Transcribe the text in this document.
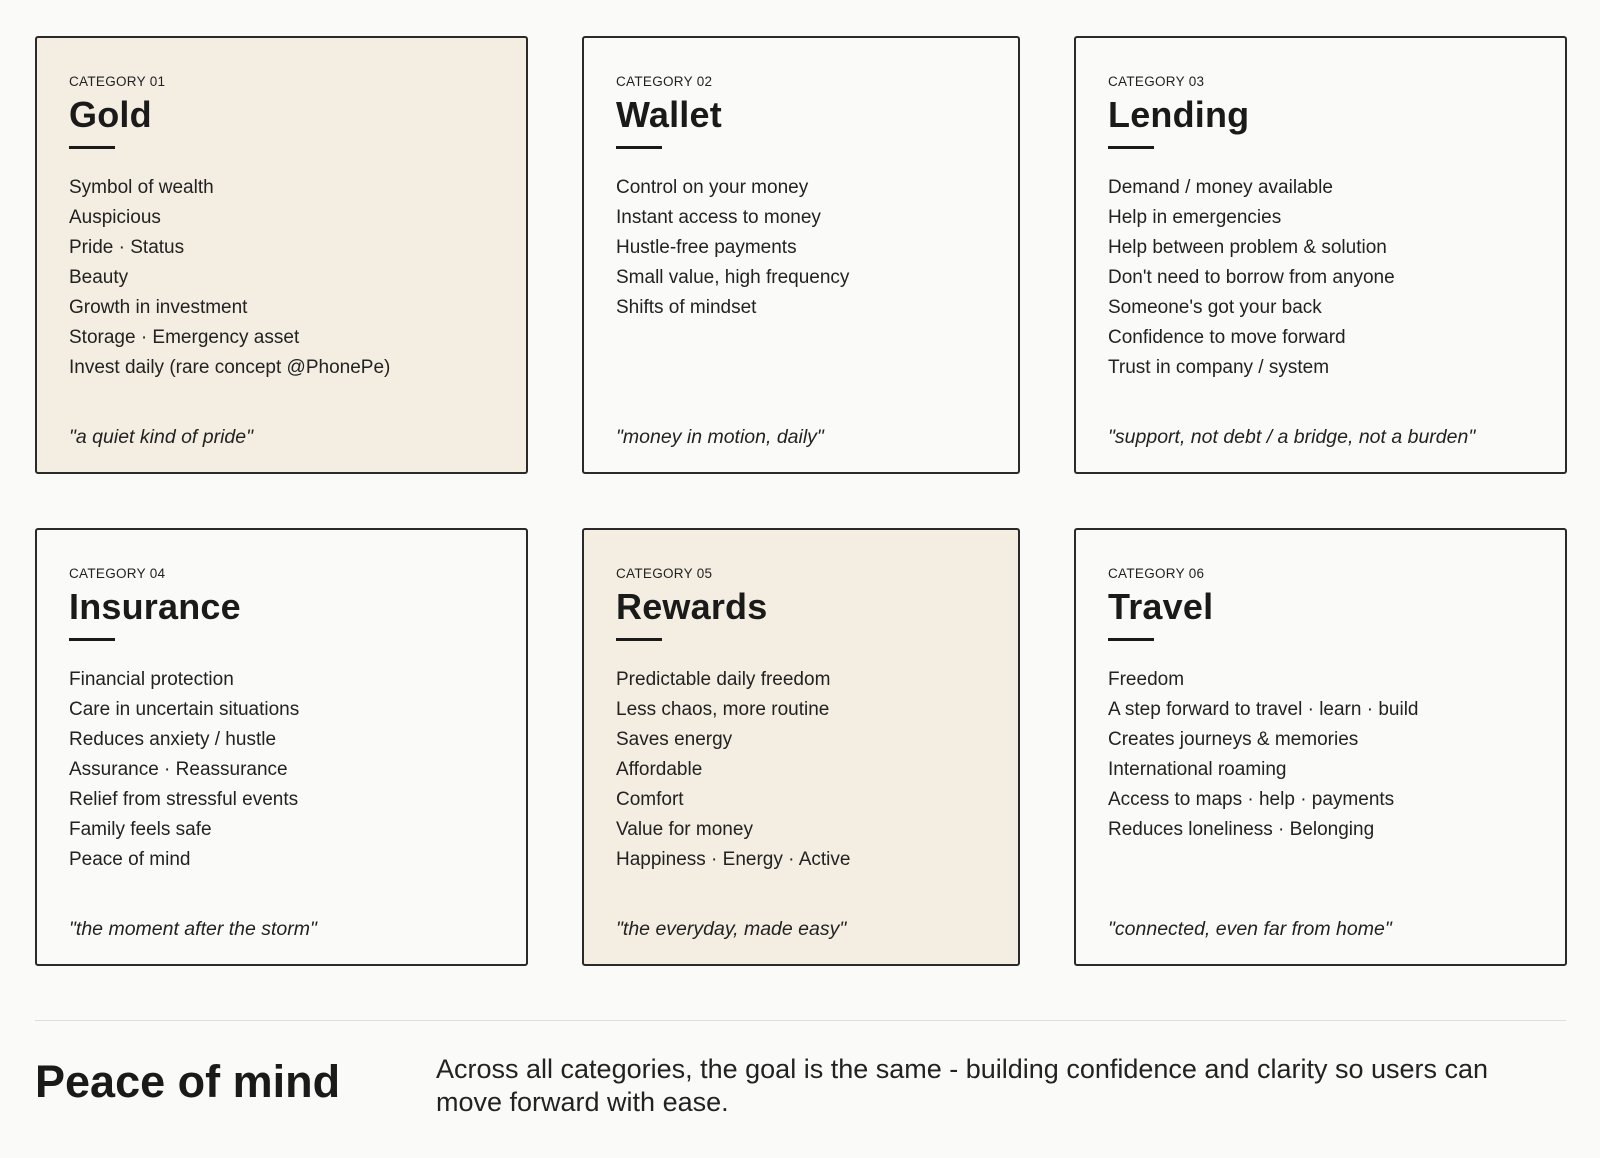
CATEGORY 01

Gold
Symbol of wealth
Auspicious
Pride · Status
Beauty
Growth in investment
Storage · Emergency asset
Invest daily (rare concept @PhonePe)

"a quiet kind of pride"

CATEGORY 02

Wallet
Control on your money
Instant access to money
Hustle-free payments
Small value, high frequency
Shifts of mindset

"money in motion, daily"

CATEGORY 03

Lending
Demand / money available
Help in emergencies
Help between problem & solution
Don't need to borrow from anyone
Someone's got your back
Confidence to move forward
Trust in company / system

"support, not debt / a bridge, not a burden"

CATEGORY 04

Insurance
Financial protection
Care in uncertain situations
Reduces anxiety / hustle
Assurance · Reassurance
Relief from stressful events
Family feels safe
Peace of mind

"the moment after the storm"

CATEGORY 05

Rewards
Predictable daily freedom
Less chaos, more routine
Saves energy
Affordable
Comfort
Value for money
Happiness · Energy · Active

"the everyday, made easy"

CATEGORY 06

Travel
Freedom
A step forward to travel · learn · build
Creates journeys & memories
International roaming
Access to maps · help · payments
Reduces loneliness · Belonging

"connected, even far from home"

Peace of mind	Across all categories, the goal is the same - building confidence and clarity so users can move forward with ease.
